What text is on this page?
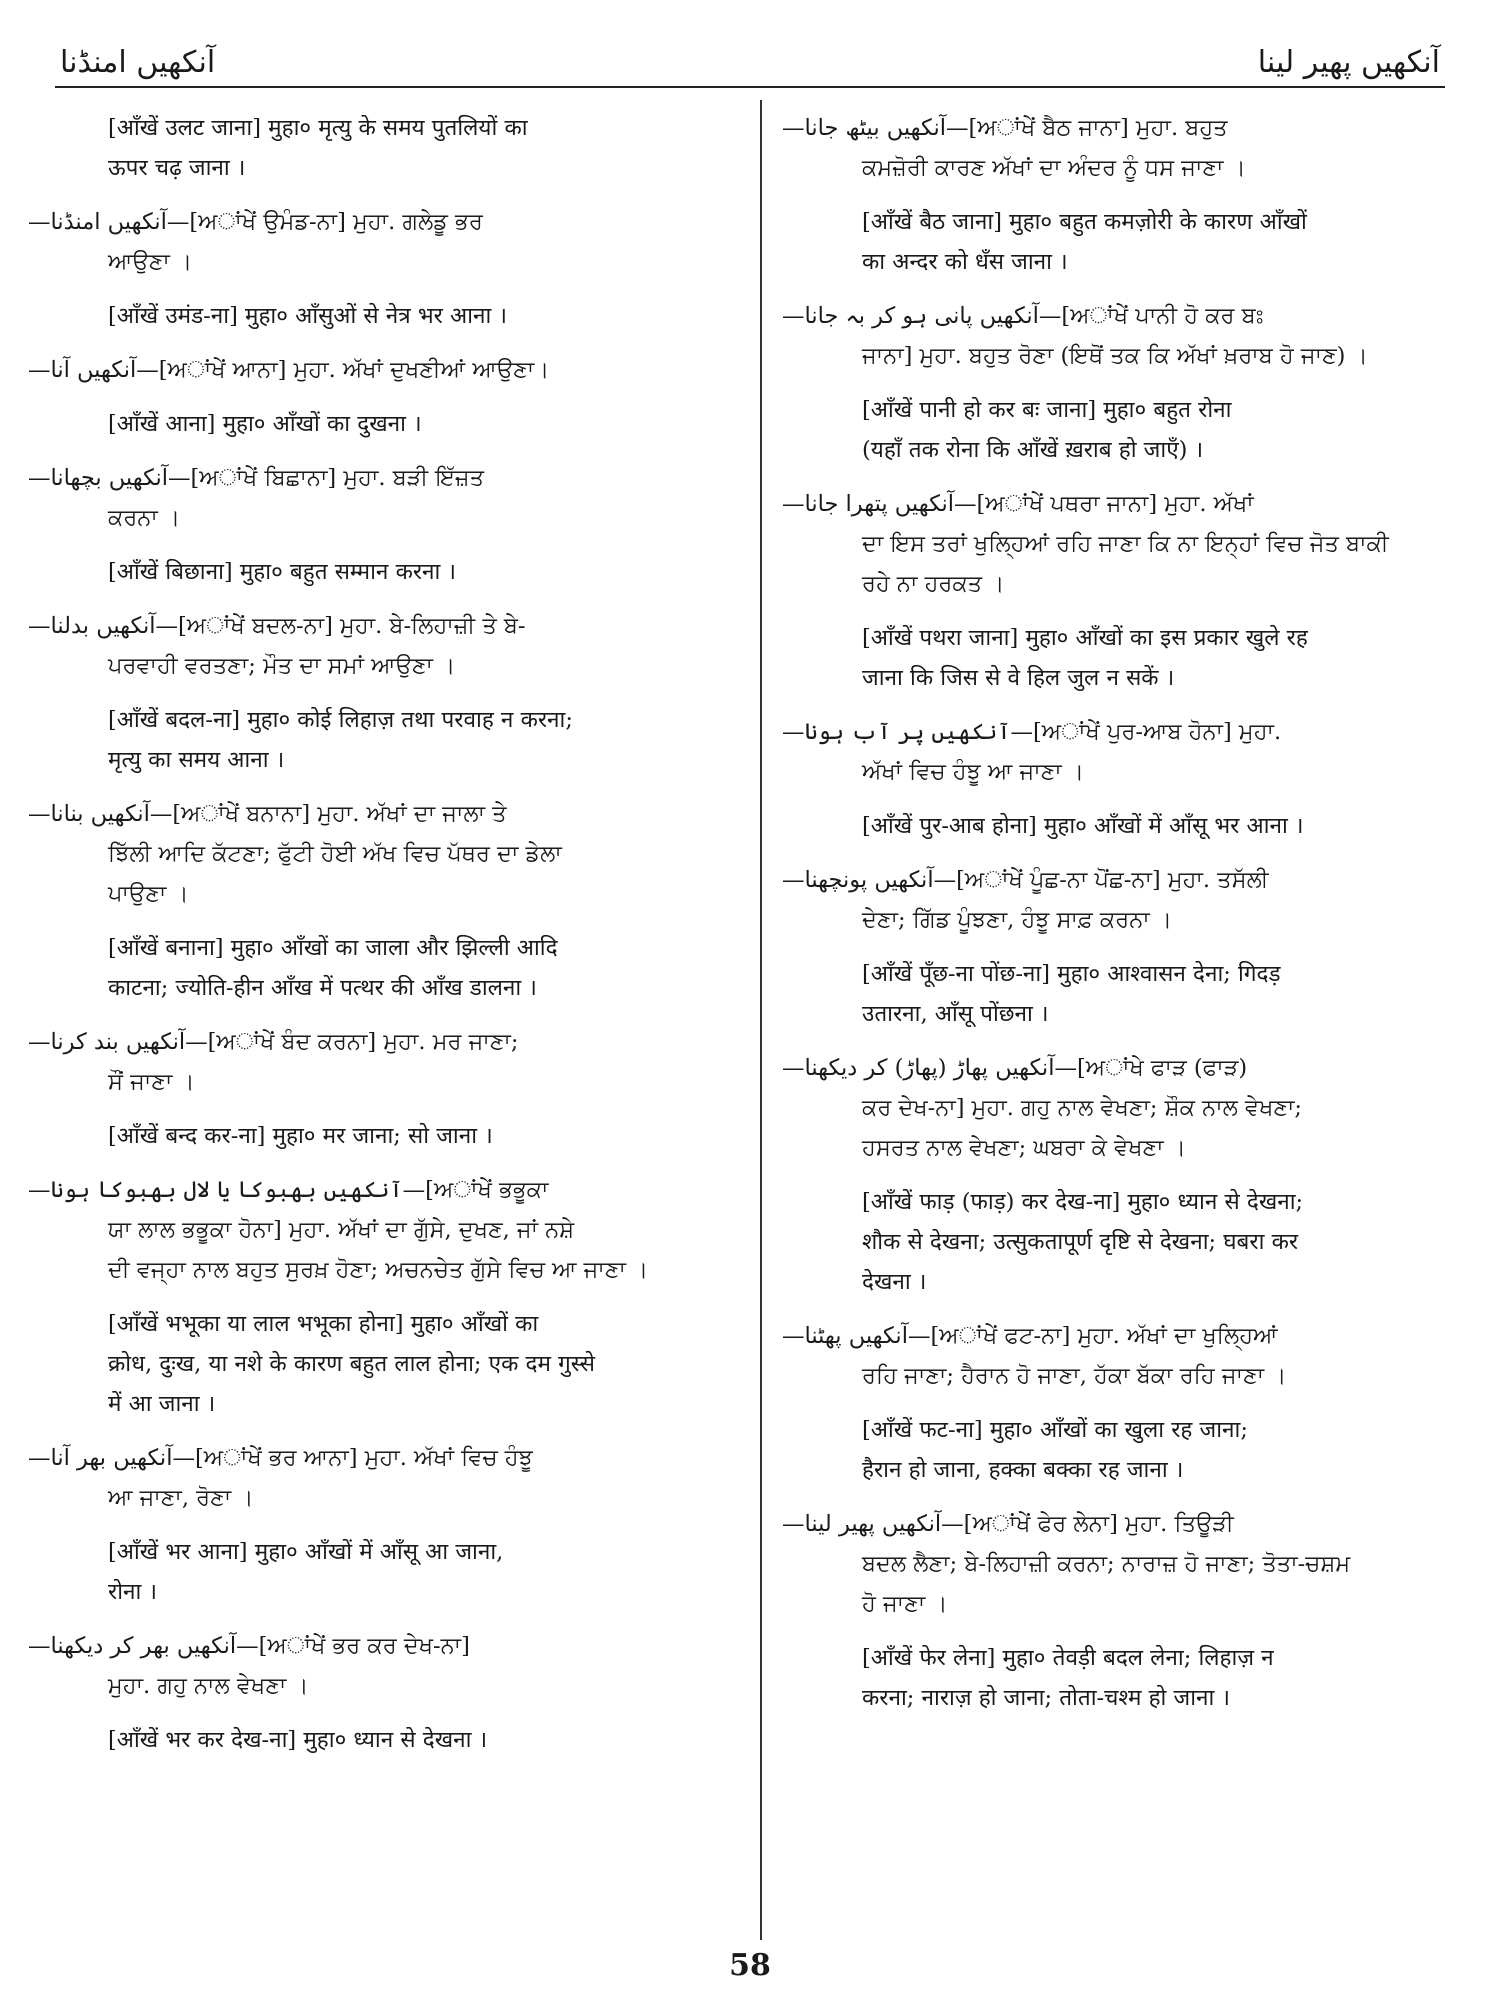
آنکھیں امنڈنا	آنکھیں پھیر لینا
[आँखें उलट जाना] मुहा० मृत्यु के समय पुतलियों का
ऊपर चढ़ जाना ।
—آنکھیں امنڈنا—[ਅਾਂਖੇਂ ਉਮੰਡ-ਨਾ] ਮੁਹਾ. ਗਲੇਡੂ ਭਰ
ਆਉਣਾ ।
[आँखें उमंड-ना] मुहा० आँसुओं से नेत्र भर आना ।
—آنکھیں آنا—[ਅਾਂਖੇਂ ਆਨਾ] ਮੁਹਾ. ਅੱਖਾਂ ਦੁਖਣੀਆਂ ਆਉਣਾ।
[आँखें आना] मुहा० आँखों का दुखना ।
—آنکھیں بچھانا—[ਅਾਂਖੇਂ ਬਿਛਾਨਾ] ਮੁਹਾ. ਬੜੀ ਇੱਜ਼ਤ
ਕਰਨਾ ।
[आँखें बिछाना] मुहा० बहुत सम्मान करना ।
—آنکھیں بدلنا—[ਅਾਂਖੇਂ ਬਦਲ-ਨਾ] ਮੁਹਾ. ਬੇ-ਲਿਹਾਜ਼ੀ ਤੇ ਬੇ-
ਪਰਵਾਹੀ ਵਰਤਣਾ; ਮੌਤ ਦਾ ਸਮਾਂ ਆਉਣਾ ।
[आँखें बदल-ना] मुहा० कोई लिहाज़ तथा परवाह न करना;
मृत्यु का समय आना ।
—آنکھیں بنانا—[ਅਾਂਖੇਂ ਬਨਾਨਾ] ਮੁਹਾ. ਅੱਖਾਂ ਦਾ ਜਾਲਾ ਤੇ
ਝਿੱਲੀ ਆਦਿ ਕੱਟਣਾ; ਫੁੱਟੀ ਹੋਈ ਅੱਖ ਵਿਚ ਪੱਥਰ ਦਾ ਡੇਲਾ
ਪਾਉਣਾ ।
[आँखें बनाना] मुहा० आँखों का जाला और झिल्ली आदि
काटना; ज्योति-हीन आँख में पत्थर की आँख डालना ।
—آنکھیں بند کرنا—[ਅਾਂਖੇਂ ਬੰਦ ਕਰਨਾ] ਮੁਹਾ. ਮਰ ਜਾਣਾ;
ਸੌਂ ਜਾਣਾ ।
[आँखें बन्द कर-ना] मुहा० मर जाना; सो जाना ।
—آنکھیں بھبوکا یا لال بھبوکا ہونا—[ਅਾਂਖੇਂ ਭਭੂਕਾ
ਯਾ ਲਾਲ ਭਭੂਕਾ ਹੋਨਾ] ਮੁਹਾ. ਅੱਖਾਂ ਦਾ ਗੁੱਸੇ, ਦੁਖਣ, ਜਾਂ ਨਸ਼ੇ
ਦੀ ਵਜ੍ਹਾ ਨਾਲ ਬਹੁਤ ਸੁਰਖ਼ ਹੋਣਾ; ਅਚਨਚੇਤ ਗੁੱਸੇ ਵਿਚ ਆ ਜਾਣਾ ।
[आँखें भभूका या लाल भभूका होना] मुहा० आँखों का
क्रोध, दुःख, या नशे के कारण बहुत लाल होना; एक दम गुस्से
में आ जाना ।
—آنکھیں بھر آنا—[ਅਾਂਖੇਂ ਭਰ ਆਨਾ] ਮੁਹਾ. ਅੱਖਾਂ ਵਿਚ ਹੰਝੂ
ਆ ਜਾਣਾ, ਰੋਣਾ ।
[आँखें भर आना] मुहा० आँखों में आँसू आ जाना,
रोना ।
—آنکھیں بھر کر دیکھنا—[ਅਾਂਖੇਂ ਭਰ ਕਰ ਦੇਖ-ਨਾ]
ਮੁਹਾ. ਗਹੁ ਨਾਲ ਵੇਖਣਾ ।
[आँखें भर कर देख-ना] मुहा० ध्यान से देखना ।
—آنکھیں بیٹھ جانا—[ਅਾਂਖੇਂ ਬੈਠ ਜਾਨਾ] ਮੁਹਾ. ਬਹੁਤ
ਕਮਜ਼ੋਰੀ ਕਾਰਣ ਅੱਖਾਂ ਦਾ ਅੰਦਰ ਨੂੰ ਧਸ ਜਾਣਾ ।
[आँखें बैठ जाना] मुहा० बहुत कमज़ोरी के कारण आँखों
का अन्दर को धँस जाना ।
—آنکھیں پانی ہو کر بہ جانا—[ਅਾਂਖੇਂ ਪਾਨੀ ਹੋ ਕਰ ਬਃ
ਜਾਨਾ] ਮੁਹਾ. ਬਹੁਤ ਰੋਣਾ (ਇਥੋਂ ਤਕ ਕਿ ਅੱਖਾਂ ਖ਼ਰਾਬ ਹੋ ਜਾਣ) ।
[आँखें पानी हो कर बः जाना] मुहा० बहुत रोना
(यहाँ तक रोना कि आँखें ख़राब हो जाएँ) ।
—آنکھیں پتھرا جانا—[ਅਾਂਖੇਂ ਪਥਰਾ ਜਾਨਾ] ਮੁਹਾ. ਅੱਖਾਂ
ਦਾ ਇਸ ਤਰਾਂ ਖੁਲ੍ਹਿਆਂ ਰਹਿ ਜਾਣਾ ਕਿ ਨਾ ਇਨ੍ਹਾਂ ਵਿਚ ਜੋਤ ਬਾਕੀ
ਰਹੇ ਨਾ ਹਰਕਤ ।
[आँखें पथरा जाना] मुहा० आँखों का इस प्रकार खुले रह
जाना कि जिस से वे हिल जुल न सकें ।
—آنکھیں پر آب ہونا—[ਅਾਂਖੇਂ ਪੁਰ-ਆਬ ਹੋਨਾ] ਮੁਹਾ.
ਅੱਖਾਂ ਵਿਚ ਹੰਝੂ ਆ ਜਾਣਾ ।
[आँखें पुर-आब होना] मुहा० आँखों में आँसू भर आना ।
—آنکھیں پونچھنا—[ਅਾਂਖੇਂ ਪੂੰਛ-ਨਾ ਪੋਂਛ-ਨਾ] ਮੁਹਾ. ਤਸੱਲੀ
ਦੇਣਾ; ਗਿੱਡ ਪੂੰਝਣਾ, ਹੰਝੂ ਸਾਫ਼ ਕਰਨਾ ।
[आँखें पूँछ-ना पोंछ-ना] मुहा० आश्वासन देना; गिदड़
उतारना, आँसू पोंछना ।
—آنکھیں پھاڑ (پھاڑ) کر دیکھنا—[ਅਾਂਖੇ ਫਾੜ (ਫਾੜ)
ਕਰ ਦੇਖ-ਨਾ] ਮੁਹਾ. ਗਹੁ ਨਾਲ ਵੇਖਣਾ; ਸ਼ੌਕ ਨਾਲ ਵੇਖਣਾ;
ਹਸਰਤ ਨਾਲ ਵੇਖਣਾ; ਘਬਰਾ ਕੇ ਵੇਖਣਾ ।
[आँखें फाड़ (फाड़) कर देख-ना] मुहा० ध्यान से देखना;
शौक से देखना; उत्सुकतापूर्ण दृष्टि से देखना; घबरा कर
देखना ।
—آنکھیں پھٹنا—[ਅਾਂਖੇਂ ਫਟ-ਨਾ] ਮੁਹਾ. ਅੱਖਾਂ ਦਾ ਖੁਲ੍ਹਿਆਂ
ਰਹਿ ਜਾਣਾ; ਹੈਰਾਨ ਹੋ ਜਾਣਾ, ਹੱਕਾ ਬੱਕਾ ਰਹਿ ਜਾਣਾ ।
[आँखें फट-ना] मुहा० आँखों का खुला रह जाना;
हैरान हो जाना, हक्का बक्का रह जाना ।
—آنکھیں پھیر لینا—[ਅਾਂਖੇਂ ਫੇਰ ਲੇਨਾ] ਮੁਹਾ. ਤਿਊੜੀ
ਬਦਲ ਲੈਣਾ; ਬੇ-ਲਿਹਾਜ਼ੀ ਕਰਨਾ; ਨਾਰਾਜ਼ ਹੋ ਜਾਣਾ; ਤੋਤਾ-ਚਸ਼ਮ
ਹੋ ਜਾਣਾ ।
[आँखें फेर लेना] मुहा० तेवड़ी बदल लेना; लिहाज़ न
करना; नाराज़ हो जाना; तोता-चश्म हो जाना ।
58
